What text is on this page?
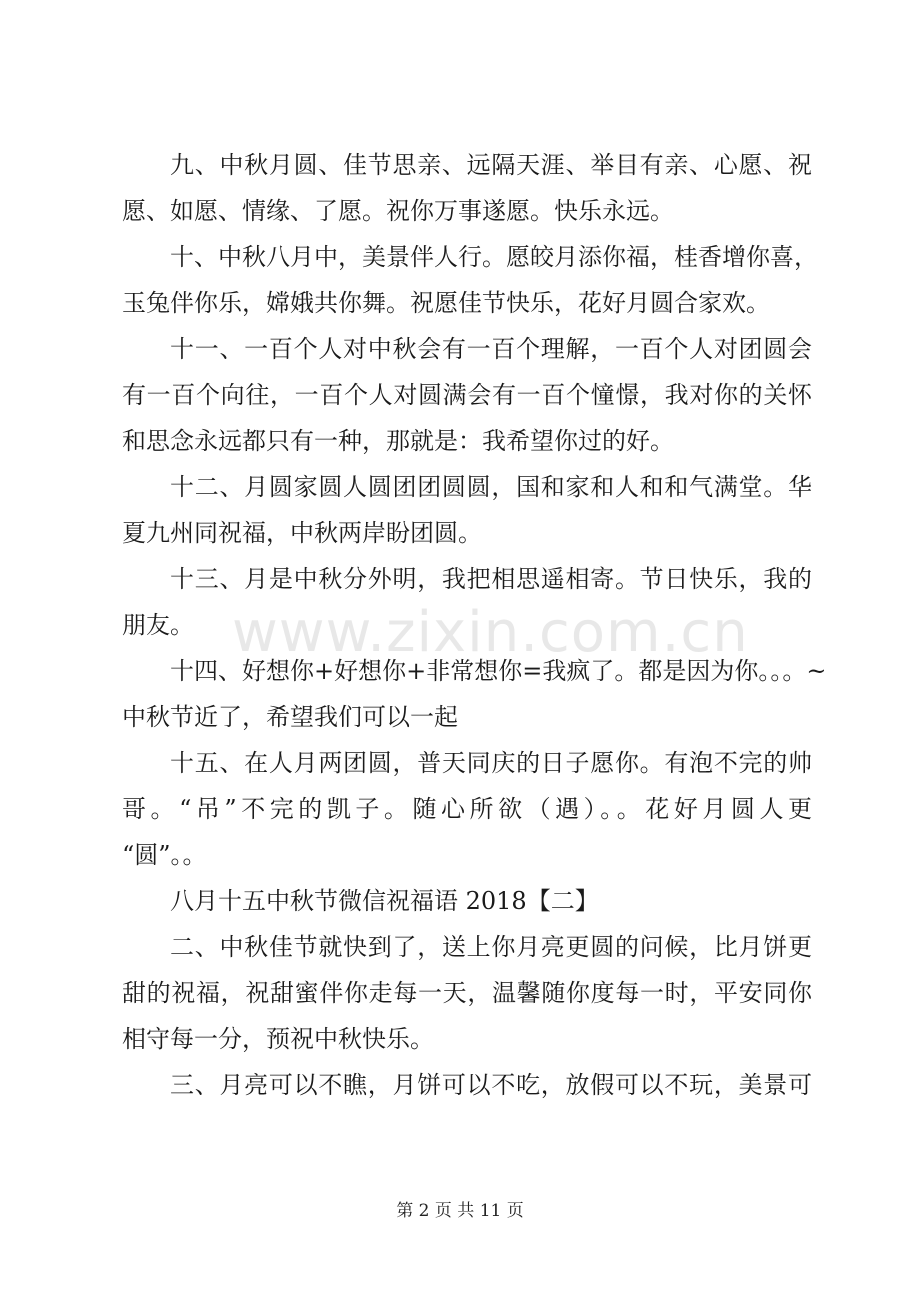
www.zixin.com.cn
九、中秋月圆、佳节思亲、远隔天涯、举目有亲、心愿、祝
愿、如愿、情缘、了愿。祝你万事遂愿。快乐永远。
十、中秋八月中，美景伴人行。愿皎月添你福，桂香增你喜，
玉兔伴你乐，嫦娥共你舞。祝愿佳节快乐，花好月圆合家欢。
十一、一百个人对中秋会有一百个理解，一百个人对团圆会
有一百个向往，一百个人对圆满会有一百个憧憬，我对你的关怀
和思念永远都只有一种，那就是：我希望你过的好。
十二、月圆家圆人圆团团圆圆，国和家和人和和气满堂。华
夏九州同祝福，中秋两岸盼团圆。
十三、月是中秋分外明，我把相思遥相寄。节日快乐，我的
朋友。
十四、好想你+好想你+非常想你=我疯了。都是因为你。。。~
中秋节近了，希望我们可以一起
十五、在人月两团圆，普天同庆的日子愿你。有泡不完的帅
哥。“吊”不完的凯子。随心所欲（遇）。。花好月圆人更
“圆”。。
八月十五中秋节微信祝福语 2018【二】
二、中秋佳节就快到了，送上你月亮更圆的问候，比月饼更
甜的祝福，祝甜蜜伴你走每一天，温馨随你度每一时，平安同你
相守每一分，预祝中秋快乐。
三、月亮可以不瞧，月饼可以不吃，放假可以不玩，美景可
第 2 页 共 11 页
